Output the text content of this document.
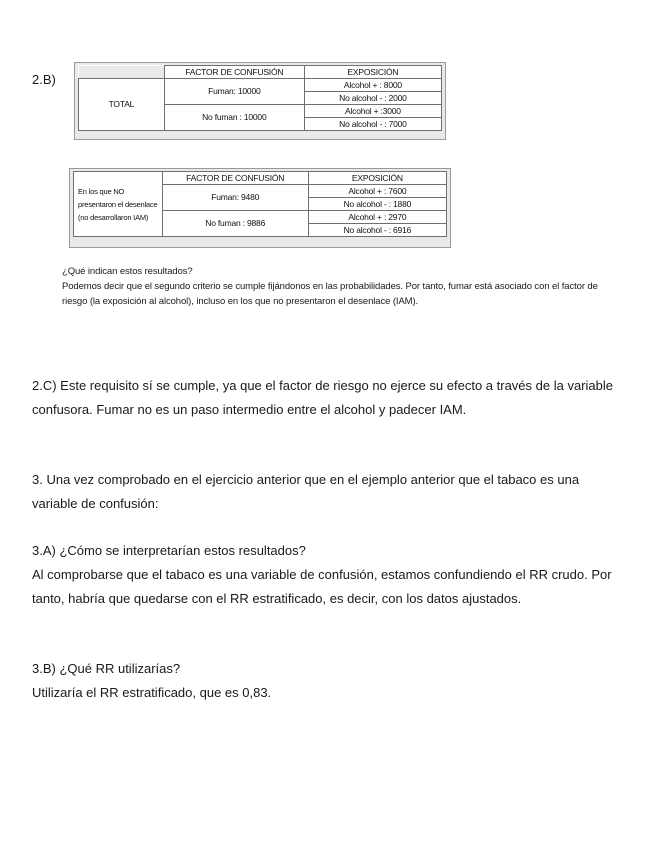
2.B)
	FACTOR DE CONFUSIÓN	EXPOSICIÓN
TOTAL	Fuman: 10000	Alcohol + : 8000
		No alcohol - : 2000
	No fuman : 10000	Alcohol + :3000
		No alcohol - : 7000
En los que NO presentaron el desenlace (no desarrollaron IAM)	FACTOR DE CONFUSIÓN	EXPOSICIÓN
	Fuman: 9480	Alcohol + : 7600
		No alcohol - : 1880
	No fuman : 9886	Alcohol + : 2970
		No alcohol - : 6916

¿Qué indican estos resultados?

Podemos decir que el segundo criterio se cumple fijándonos en las probabilidades. Por tanto, fumar está asociado con el factor de riesgo (la exposición al alcohol), incluso en los que no presentaron el desenlace (IAM).

2.C) Este requisito sí se cumple, ya que el factor de riesgo no ejerce su efecto a través de la variable confusora. Fumar no es un paso intermedio entre el alcohol y padecer IAM.

3. Una vez comprobado en el ejercicio anterior que en el ejemplo anterior que el tabaco es una variable de confusión:

3.A) ¿Cómo se interpretarían estos resultados?

Al comprobarse que el tabaco es una variable de confusión, estamos confundiendo el RR crudo. Por tanto, habría que quedarse con el RR estratificado, es decir, con los datos ajustados.

3.B) ¿Qué RR utilizarías?

Utilizaría el RR estratificado, que es 0,83.
